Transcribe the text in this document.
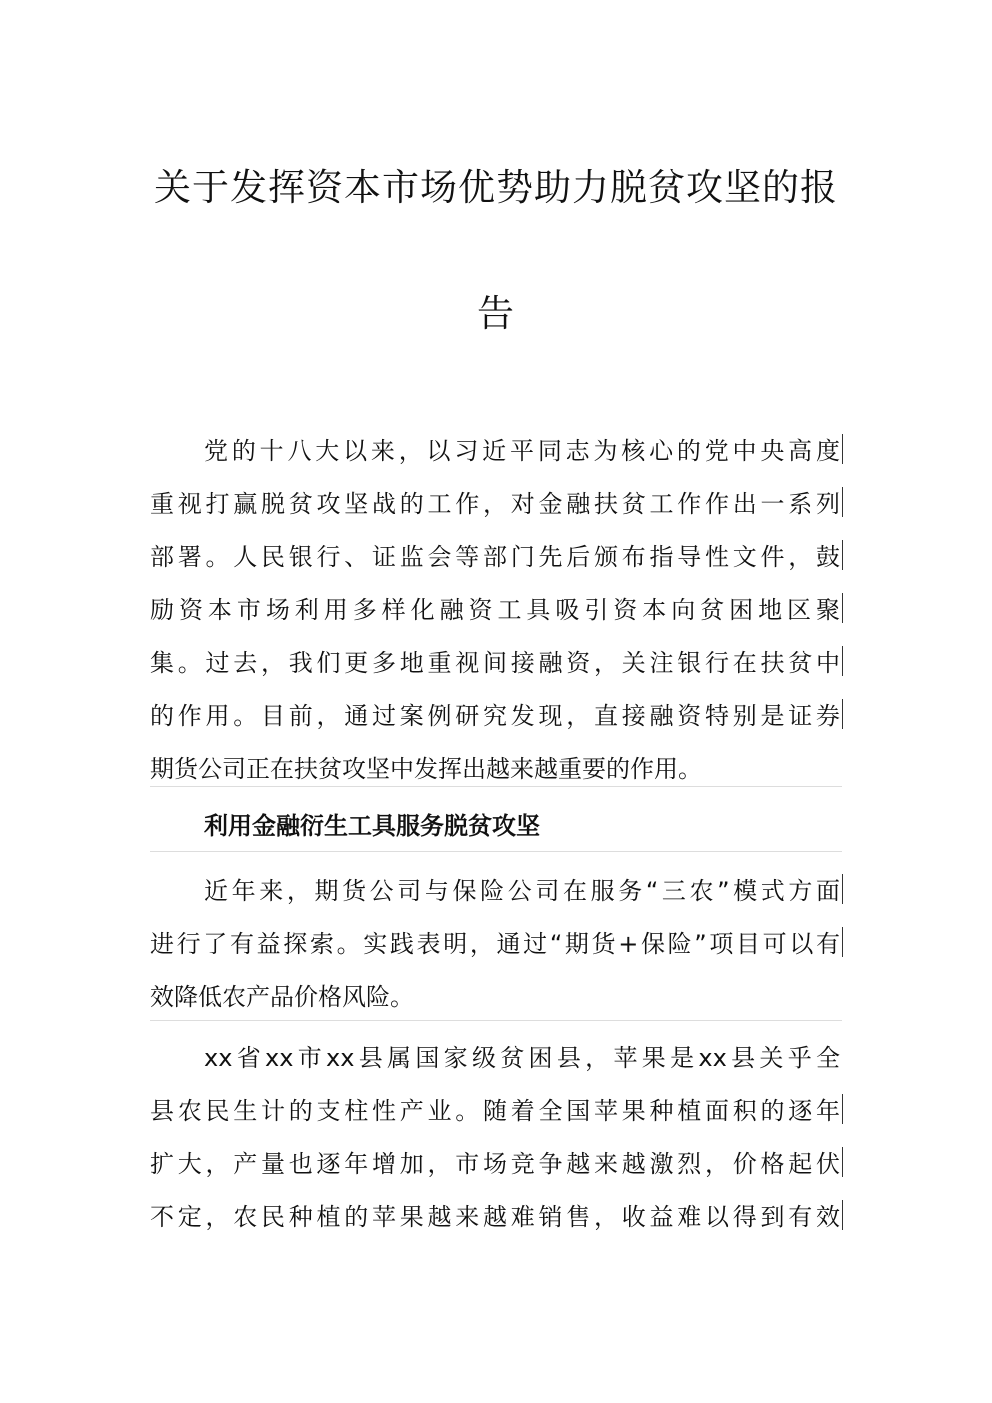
关于发挥资本市场优势助力脱贫攻坚的报
告
党的十八大以来，以习近平同志为核心的党中央高度
重视打赢脱贫攻坚战的工作，对金融扶贫工作作出一系列
部署。人民银行、证监会等部门先后颁布指导性文件，鼓
励资本市场利用多样化融资工具吸引资本向贫困地区聚
集。过去，我们更多地重视间接融资，关注银行在扶贫中
的作用。目前，通过案例研究发现，直接融资特别是证券
期货公司正在扶贫攻坚中发挥出越来越重要的作用。
利用金融衍生工具服务脱贫攻坚
近年来，期货公司与保险公司在服务“三农”模式方面
进行了有益探索。实践表明，通过“期货+保险”项目可以有
效降低农产品价格风险。
xx省xx市xx县属国家级贫困县，苹果是xx县关乎全
县农民生计的支柱性产业。随着全国苹果种植面积的逐年
扩大，产量也逐年增加，市场竞争越来越激烈，价格起伏
不定，农民种植的苹果越来越难销售，收益难以得到有效
